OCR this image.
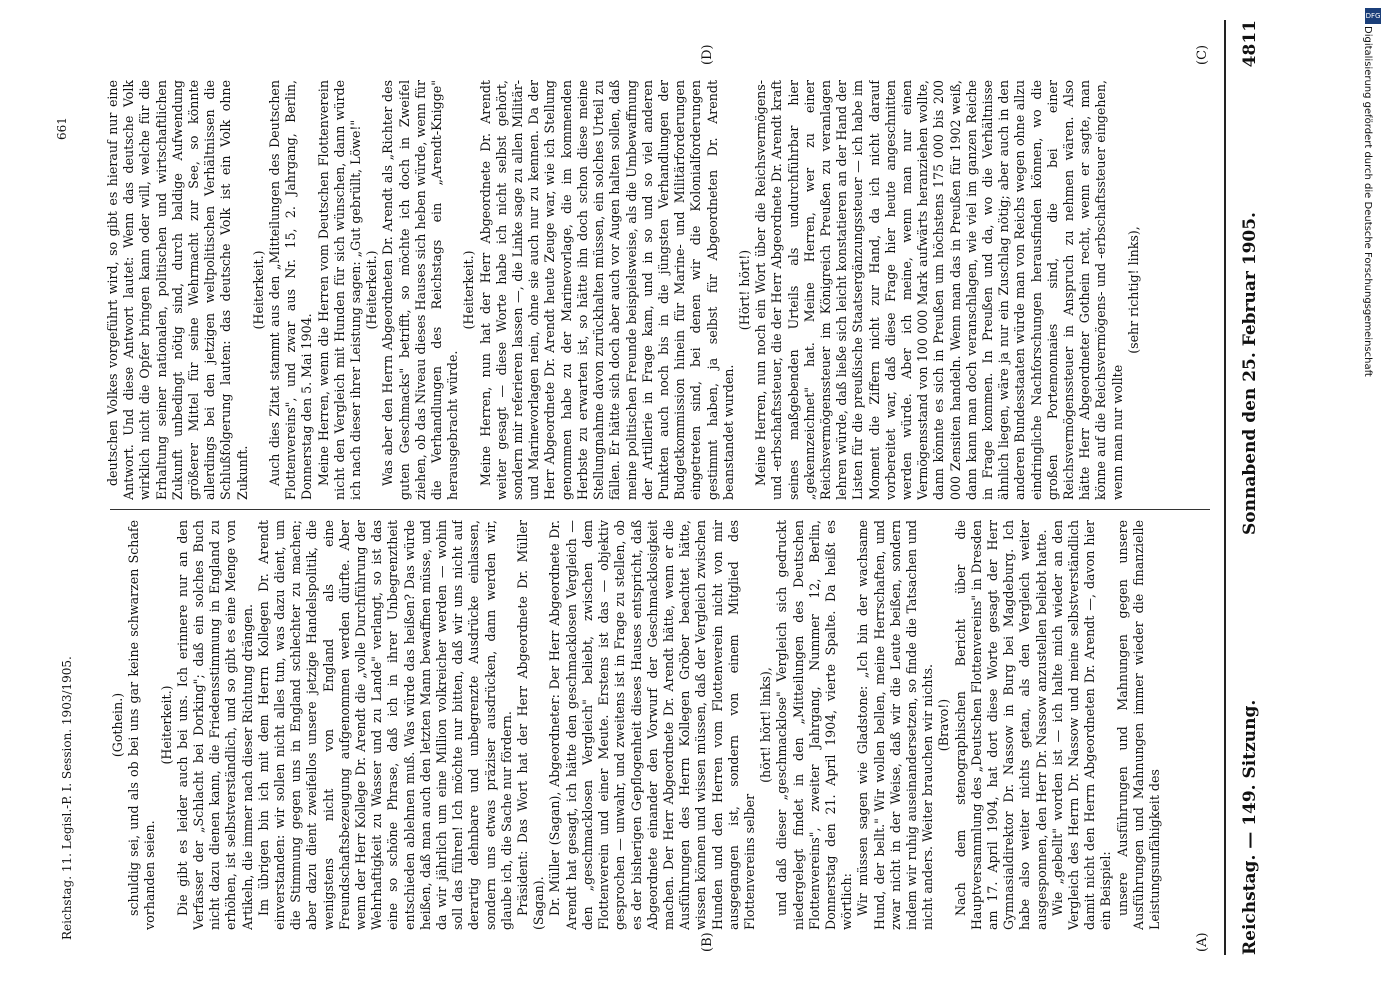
Reichstag. — 149. Sitzung.
Sonnabend den 25. Februar 1905.
4811
(A)
(B)
(C)
(D)

(Gothein.) schuldig sei, und als ob bei uns gar keine schwarzen Schafe vorhanden seien.

(Heiterkeit.) Die gibt es leider auch bei uns. Ich erinnere nur an den Verfasser der „Schlacht bei Dorking"; daß ein solches Buch nicht dazu dienen kann, die Friedensstimmung in England zu erhöhen, ist selbstverständlich, und so gibt es eine Menge von Artikeln, die immer nach dieser Richtung drängen. Im übrigen bin ich mit dem Herrn Kollegen Dr. Arendt einverstanden: wir sollen nicht alles tun, was dazu dient, um die Stimmung gegen uns in England schlechter zu machen; aber dazu dient zweifellos unsere jetzige Handelspolitik, die wenigstens nicht von England als eine Freundschaftsbezeugung aufgenommen werden dürfte. Aber wenn der Herr Kollege Dr. Arendt die „volle Durchführung der Wehrhaftigkeit zu Wasser und zu Lande" verlangt, so ist das eine so schöne Phrase, daß ich in ihrer Unbegrenztheit entschieden ablehnen muß. Was würde das heißen? Das würde heißen, daß man auch den letzten Mann bewaffnen müsse, und da wir jährlich um eine Million volkreicher werden — wohin soll das führen! Ich möchte nur bitten, daß wir uns nicht auf derartig dehnbare und unbegrenzte Ausdrücke einlassen, sondern uns etwas präziser ausdrücken, dann werden wir, glaube ich, die Sache nur fördern. Präsident: Das Wort hat der Herr Abgeordnete Dr. Müller (Sagan). Dr. Müller (Sagan), Abgeordneter: Der Herr Abgeordnete Dr. Arendt hat gesagt, ich hätte den geschmacklosen Vergleich — den „geschmacklosen Vergleich" beliebt, zwischen dem Flottenverein und einer Meute. Erstens ist das — objektiv gesprochen — unwahr, und zweitens ist in Frage zu stellen, ob es der bisherigen Gepflogenheit dieses Hauses entspricht, daß Abgeordnete einander den Vorwurf der Geschmacklosigkeit machen. Der Herr Abgeordnete Dr. Arendt hätte, wenn er die Ausführungen des Herrn Kollegen Gröber beachtet hätte, wissen können und wissen müssen, daß der Vergleich zwischen Hunden und den Herren vom Flottenverein nicht von mir ausgegangen ist, sondern von einem Mitglied des Flottenvereins selber

(hört! hört! links), und daß dieser „geschmacklose" Vergleich sich gedruckt niedergelegt findet in den „Mitteilungen des Deutschen Flottenvereins", zweiter Jahrgang, Nummer 12, Berlin, Donnerstag den 21. April 1904, vierte Spalte. Da heißt es wörtlich: Wir müssen sagen wie Gladstone: „Ich bin der wachsame Hund, der bellt." Wir wollen bellen, meine Herrschaften, und zwar nicht in der Weise, daß wir die Leute beißen, sondern indem wir ruhig auseinandersetzen, so finde die Tatsachen und nicht anders. Weiter brauchen wir nichts. (Bravo!) Nach dem stenographischen Bericht über die Hauptversammlung des „Deutschen Flottenvereins" in Dresden am 17. April 1904, hat dort diese Worte gesagt der Herr Gymnasialdirektor Dr. Nassow in Burg bei Magdeburg. Ich habe also weiter nichts getan, als den Vergleich weiter ausgesponnen, den Herr Dr. Nassow anzustellen beliebt hatte. Wie „gebellt" worden ist — ich halte mich wieder an den Vergleich des Herrn Dr. Nassow und meine selbstverständlich damit nicht den Herrn Abgeordneten Dr. Arendt —, davon hier ein Beispiel: unsere Ausführungen und Mahnungen gegen unsere Ausführungen und Mahnungen immer wieder die finanzielle Leistungsunfähigkeit des

deutschen Volkes vorgeführt wird, so gibt es hierauf nur eine Antwort. Und diese Antwort lautet: Wenn das deutsche Volk wirklich nicht die Opfer bringen kann oder will, welche für die Erhaltung seiner nationalen, politischen und wirtschaftlichen Zukunft unbedingt nötig sind, durch baldige Aufwendung größerer Mittel für seine Wehrmacht zur See, so könnte allerdings bei den jetzigen weltpolitischen Verhältnissen die Schlußfolgerung lauten: das deutsche Volk ist ein Volk ohne Zukunft.

(Heiterkeit.) Auch dies Zitat stammt aus den „Mitteilungen des Deutschen Flottenvereins", und zwar aus Nr. 15, 2. Jahrgang, Berlin, Donnerstag den 5. Mai 1904. Meine Herren, wenn die Herren vom Deutschen Flottenverein nicht den Vergleich mit Hunden für sich wünschen, dann würde ich nach dieser ihrer Leistung sagen: „Gut gebrüllt, Löwe!" (Heiterkeit.) Was aber den Herrn Abgeordneten Dr. Arendt als „Richter des guten Geschmacks" betrifft, so möchte ich doch in Zweifel ziehen, ob das Niveau dieses Hauses sich heben würde, wenn für die Verhandlungen des Reichstags ein „Arendt-Knigge" herausgebracht würde.

(Heiterkeit.) Meine Herren, nun hat der Herr Abgeordnete Dr. Arendt weiter gesagt — diese Worte habe ich nicht selbst gehört, sondern mir referieren lassen —, die Linke sage zu allen Militär- und Marinevorlagen nein, ohne sie auch nur zu kennen. Da der Herr Abgeordnete Dr. Arendt heute Zeuge war, wie ich Stellung genommen habe zu der Marinevorlage, die im kommenden Herbste zu erwarten ist, so hätte ihn doch schon diese meine Stellungnahme davon zurückhalten müssen, ein solches Urteil zu fällen. Er hätte sich doch aber auch vor Augen halten sollen, daß meine politischen Freunde beispielsweise, als die Umbewaffnung der Artillerie in Frage kam, und in so und so viel anderen Punkten auch noch bis in die jüngsten Verhandlungen der Budgetkommission hinein für Marine- und Militärforderungen eingetreten sind, bei denen wir die Kolonialforderungen gestimmt haben, ja selbst für Abgeordneten Dr. Arendt beanstandet wurden.

(Hört! hört!) Meine Herren, nun noch ein Wort über die Reichsvermögens- und -erbschaftssteuer, die der Herr Abgeordnete Dr. Arendt kraft seines maßgebenden Urteils als undurchführbar hier „gekennzeichnet" hat. Meine Herren, wer zu einer Reichsvermögenssteuer im Königreich Preußen zu veranlagen lehren würde, daß ließe sich leicht konstatieren an der Hand der Listen für die preußische Staatsergänzungssteuer — ich habe im Moment die Ziffern nicht zur Hand, da ich nicht darauf vorbereitet war, daß diese Frage hier heute angeschnitten werden würde. Aber ich meine, wenn man nur einen Vermögensstand von 100 000 Mark aufwärts heranziehen wollte, dann könnte es sich in Preußen um höchstens 175 000 bis 200 000 Zensiten handeln. Wenn man das in Preußen für 1902 weiß, dann kann man doch veranschlagen, wie viel im ganzen Reiche in Frage kommen. In Preußen und da, wo die Verhältnisse ähnlich liegen, wäre ja nur ein Zuschlag nötig; aber auch in den anderen Bundesstaaten würde man von Reichs wegen ohne allzu eindringliche Nachforschungen herausfinden können, wo die großen Portemonnaies sind, die bei einer Reichsvermögenssteuer in Anspruch zu nehmen wären. Also hätte Herr Abgeordneter Gothein recht, wenn er sagte, man könne auf die Reichsvermögens- und -erbschaftssteuer eingehen, wenn man nur wollte

(sehr richtig! links),

Reichstag. 11. Legisl.-P. I. Session. 1903/1905.
661
DFG
Digitalisierung gefördert durch die Deutsche Forschungsgemeinschaft
